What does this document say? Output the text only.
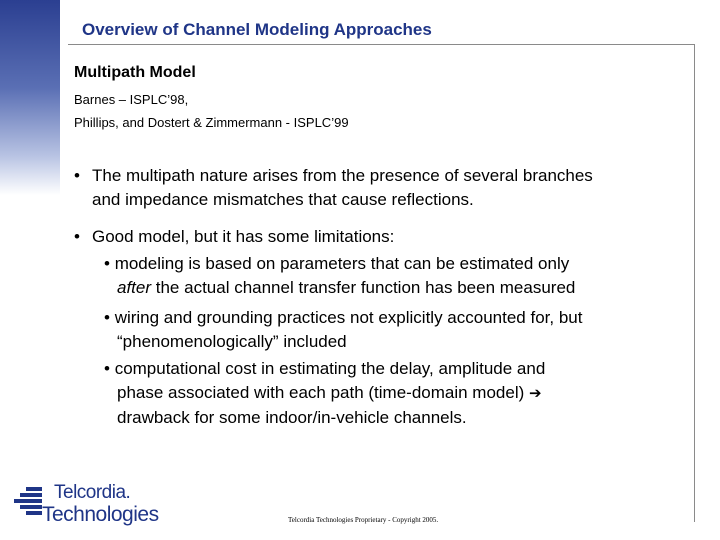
Overview of Channel Modeling Approaches
Multipath Model
Barnes – ISPLC’98,
Phillips, and Dostert & Zimmermann - ISPLC’99
• The multipath nature arises from the presence of several branches
and impedance mismatches that cause reflections.
• Good model, but it has some limitations:
• modeling is based on parameters that can be estimated only
after the actual channel transfer function has been measured
• wiring and grounding practices not explicitly accounted for, but
“phenomenologically” included
• computational cost in estimating the delay, amplitude and
phase associated with each path (time-domain model) ➔
drawback for some indoor/in-vehicle channels.
Telcordia.
Technologies	Telcordia Technologies Proprietary - Copyright 2005.
